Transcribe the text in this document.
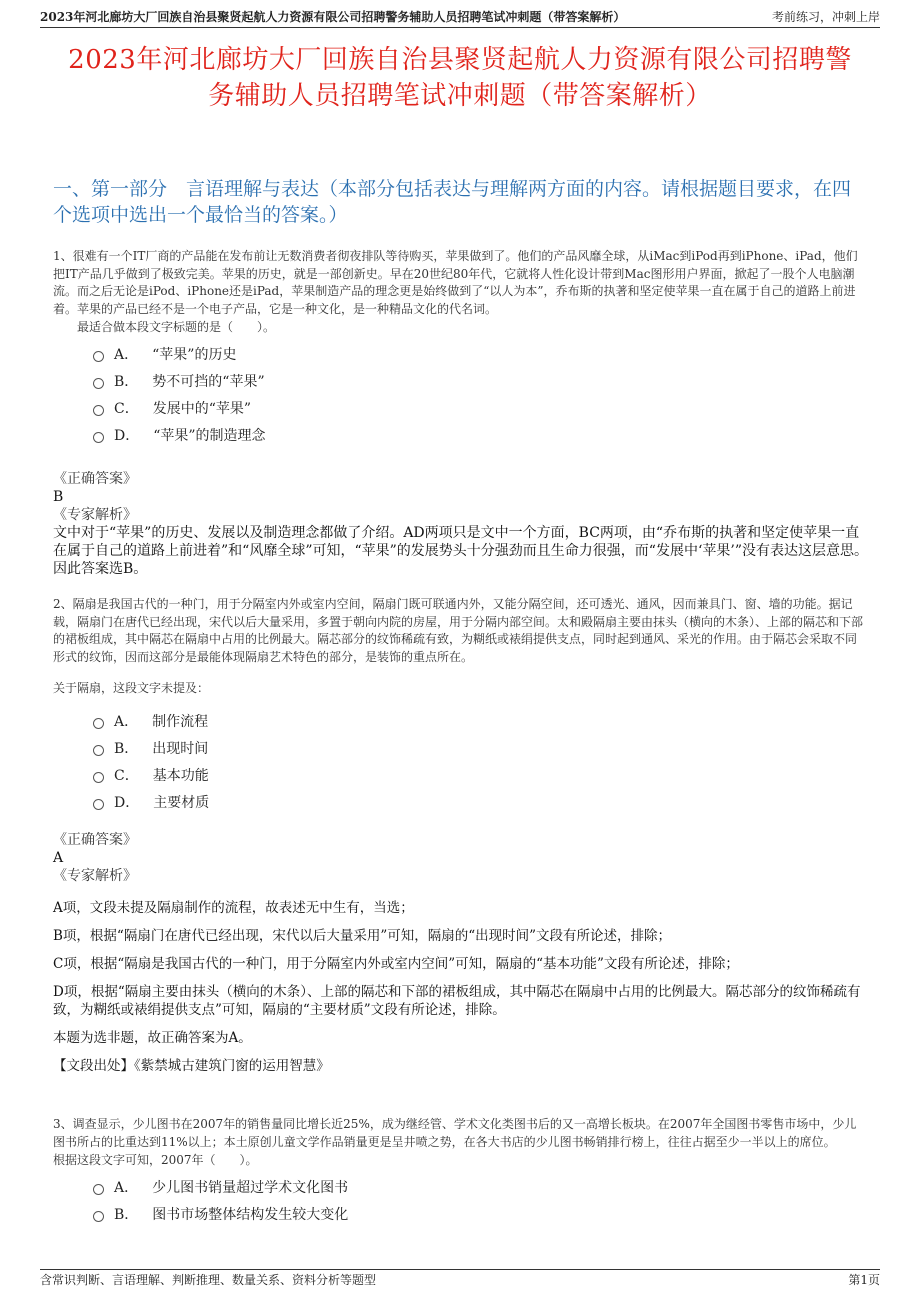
2023年河北廊坊大厂回族自治县聚贤起航人力资源有限公司招聘警务辅助人员招聘笔试冲刺题（带答案解析）	考前练习，冲刺上岸
2023年河北廊坊大厂回族自治县聚贤起航人力资源有限公司招聘警务辅助人员招聘笔试冲刺题（带答案解析）
一、第一部分　言语理解与表达（本部分包括表达与理解两方面的内容。请根据题目要求，在四个选项中选出一个最恰当的答案。）
1、很难有一个IT厂商的产品能在发布前让无数消费者彻夜排队等待购买，苹果做到了。他们的产品风靡全球，从iMac到iPod再到iPhone、iPad，他们把IT产品几乎做到了极致完美。苹果的历史，就是一部创新史。早在20世纪80年代，它就将人性化设计带到Mac图形用户界面，掀起了一股个人电脑潮流。而之后无论是iPod、iPhone还是iPad，苹果制造产品的理念更是始终做到了“以人为本”，乔布斯的执著和坚定使苹果一直在属于自己的道路上前进着。苹果的产品已经不是一个电子产品，它是一种文化，是一种精品文化的代名词。
　　最适合做本段文字标题的是（　　）。
A． “苹果”的历史
B． 势不可挡的“苹果”
C． 发展中的“苹果”
D． “苹果”的制造理念
《正确答案》
B
《专家解析》
文中对于“苹果”的历史、发展以及制造理念都做了介绍。AD两项只是文中一个方面，BC两项，由“乔布斯的执著和坚定使苹果一直在属于自己的道路上前进着”和“风靡全球”可知，“苹果”的发展势头十分强劲而且生命力很强，而“发展中‘苹果’”没有表达这层意思。因此答案选B。
2、隔扇是我国古代的一种门，用于分隔室内外或室内空间，隔扇门既可联通内外，又能分隔空间，还可透光、通风，因而兼具门、窗、墙的功能。据记载，隔扇门在唐代已经出现，宋代以后大量采用，多置于朝向内院的房屋，用于分隔内部空间。太和殿隔扇主要由抹头（横向的木条）、上部的隔芯和下部的裙板组成，其中隔芯在隔扇中占用的比例最大。隔芯部分的纹饰稀疏有致，为糊纸或裱绢提供支点，同时起到通风、采光的作用。由于隔芯会采取不同形式的纹饰，因而这部分是最能体现隔扇艺术特色的部分，是装饰的重点所在。
关于隔扇，这段文字未提及：
A． 制作流程
B． 出现时间
C． 基本功能
D． 主要材质
《正确答案》
A
《专家解析》
A项，文段未提及隔扇制作的流程，故表述无中生有，当选；
B项，根据“隔扇门在唐代已经出现，宋代以后大量采用”可知，隔扇的“出现时间”文段有所论述，排除；
C项，根据“隔扇是我国古代的一种门，用于分隔室内外或室内空间”可知，隔扇的“基本功能”文段有所论述，排除；
D项，根据“隔扇主要由抹头（横向的木条）、上部的隔芯和下部的裙板组成，其中隔芯在隔扇中占用的比例最大。隔芯部分的纹饰稀疏有致，为糊纸或裱绢提供支点”可知，隔扇的“主要材质”文段有所论述，排除。
本题为选非题，故正确答案为A。
【文段出处】《紫禁城古建筑门窗的运用智慧》
3、调查显示，少儿图书在2007年的销售量同比增长近25%，成为继经管、学术文化类图书后的又一高增长板块。在2007年全国图书零售市场中，少儿图书所占的比重达到11%以上；本土原创儿童文学作品销量更是呈井喷之势，在各大书店的少儿图书畅销排行榜上，往往占据至少一半以上的席位。
根据这段文字可知，2007年（　　）。
A． 少儿图书销量超过学术文化图书
B． 图书市场整体结构发生较大变化
含常识判断、言语理解、判断推理、数量关系、资料分析等题型	第1页
